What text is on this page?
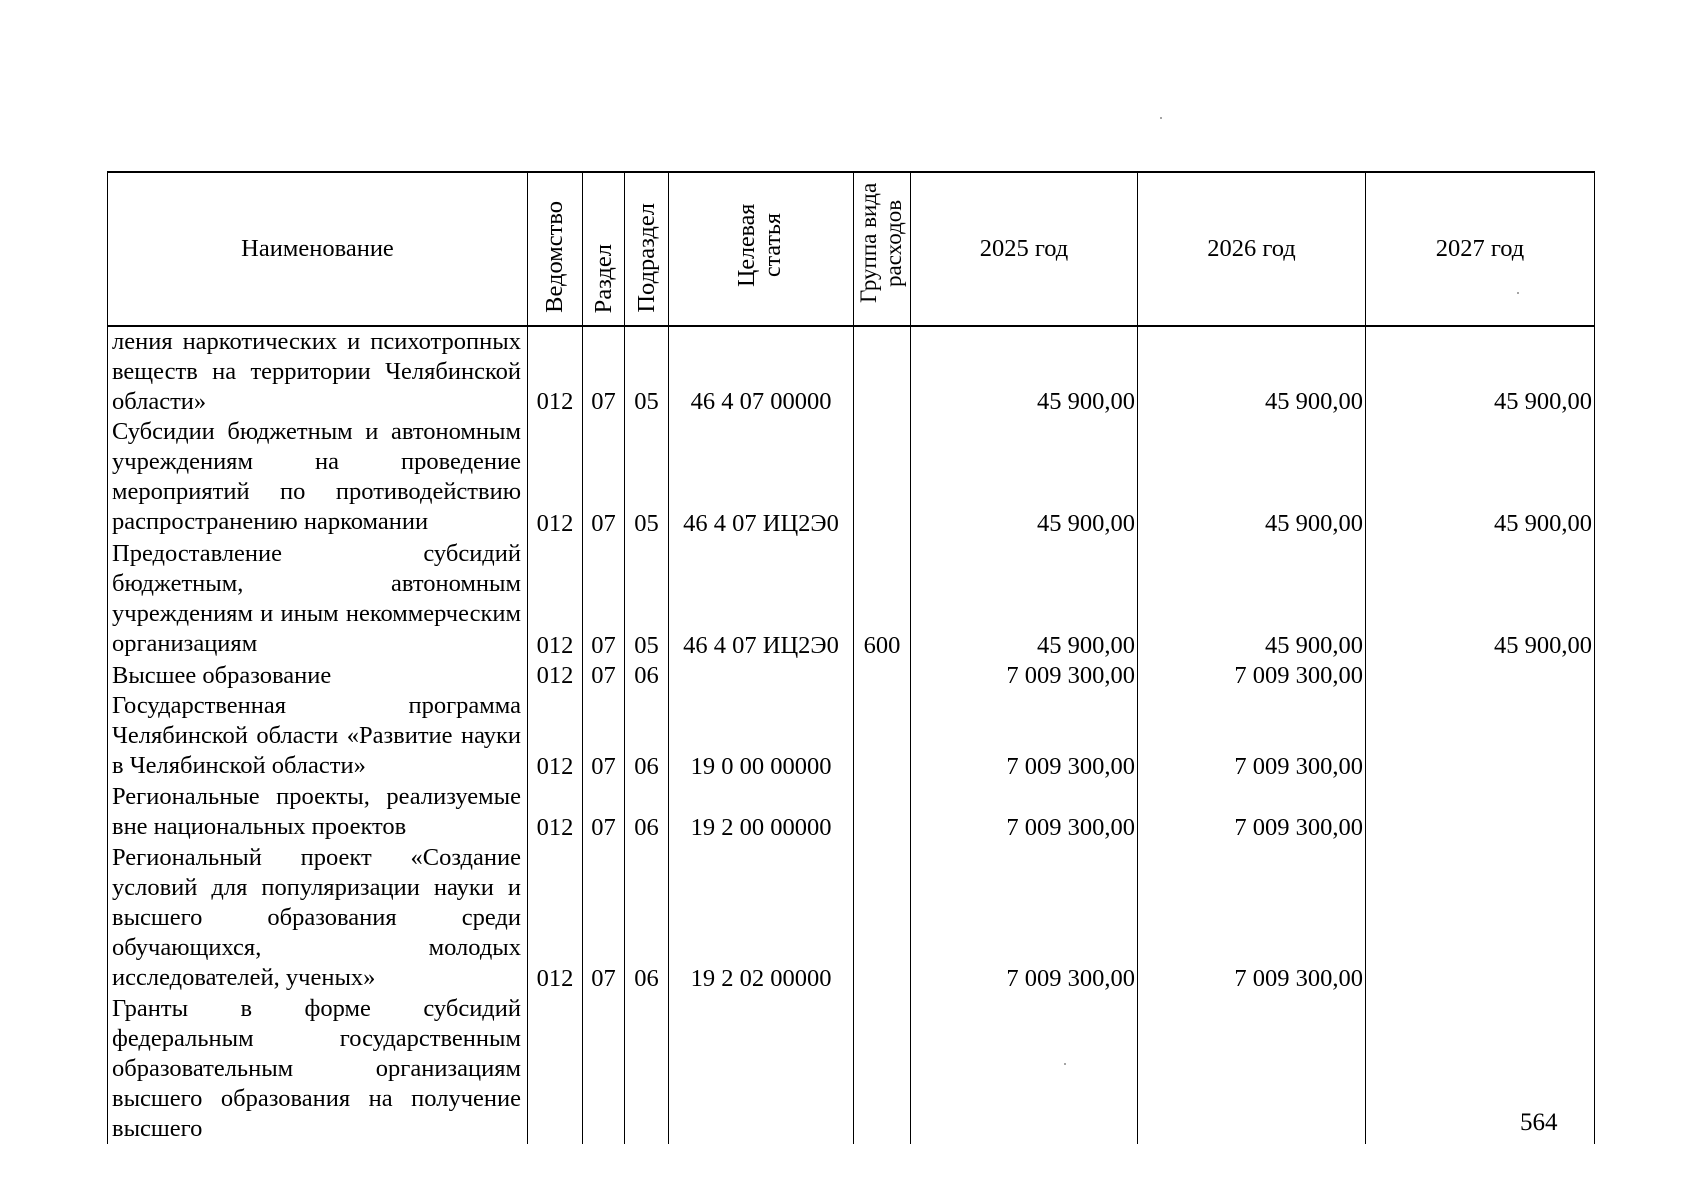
Наименование	Ведомство	Раздел	Подраздел	Целевая статья	Группа вида расходов	2025 год	2026 год	2027 год
ления наркотических и психотропных веществ на территории Челябинской области»	012	07	05	46 4 07 00000		45 900,00	45 900,00	45 900,00
Субсидии бюджетным и автономным учреждениям на проведение мероприятий по противодействию распространению наркомании	012	07	05	46 4 07 ИЦ2Э0		45 900,00	45 900,00	45 900,00
Предоставление субсидий бюджетным, автономным учреждениям и иным некоммерческим организациям	012	07	05	46 4 07 ИЦ2Э0	600	45 900,00	45 900,00	45 900,00
Высшее образование	012	07	06			7 009 300,00	7 009 300,00	
Государственная программа Челябинской области «Развитие науки в Челябинской области»	012	07	06	19 0 00 00000		7 009 300,00	7 009 300,00	
Региональные проекты, реализуемые вне национальных проектов	012	07	06	19 2 00 00000		7 009 300,00	7 009 300,00	
Региональный проект «Создание условий для популяризации науки и высшего образования среди обучающихся, молодых исследователей, ученых»	012	07	06	19 2 02 00000		7 009 300,00	7 009 300,00	
Гранты в форме субсидий федеральным государственным образовательным организациям высшего образования на получение высшего									564
